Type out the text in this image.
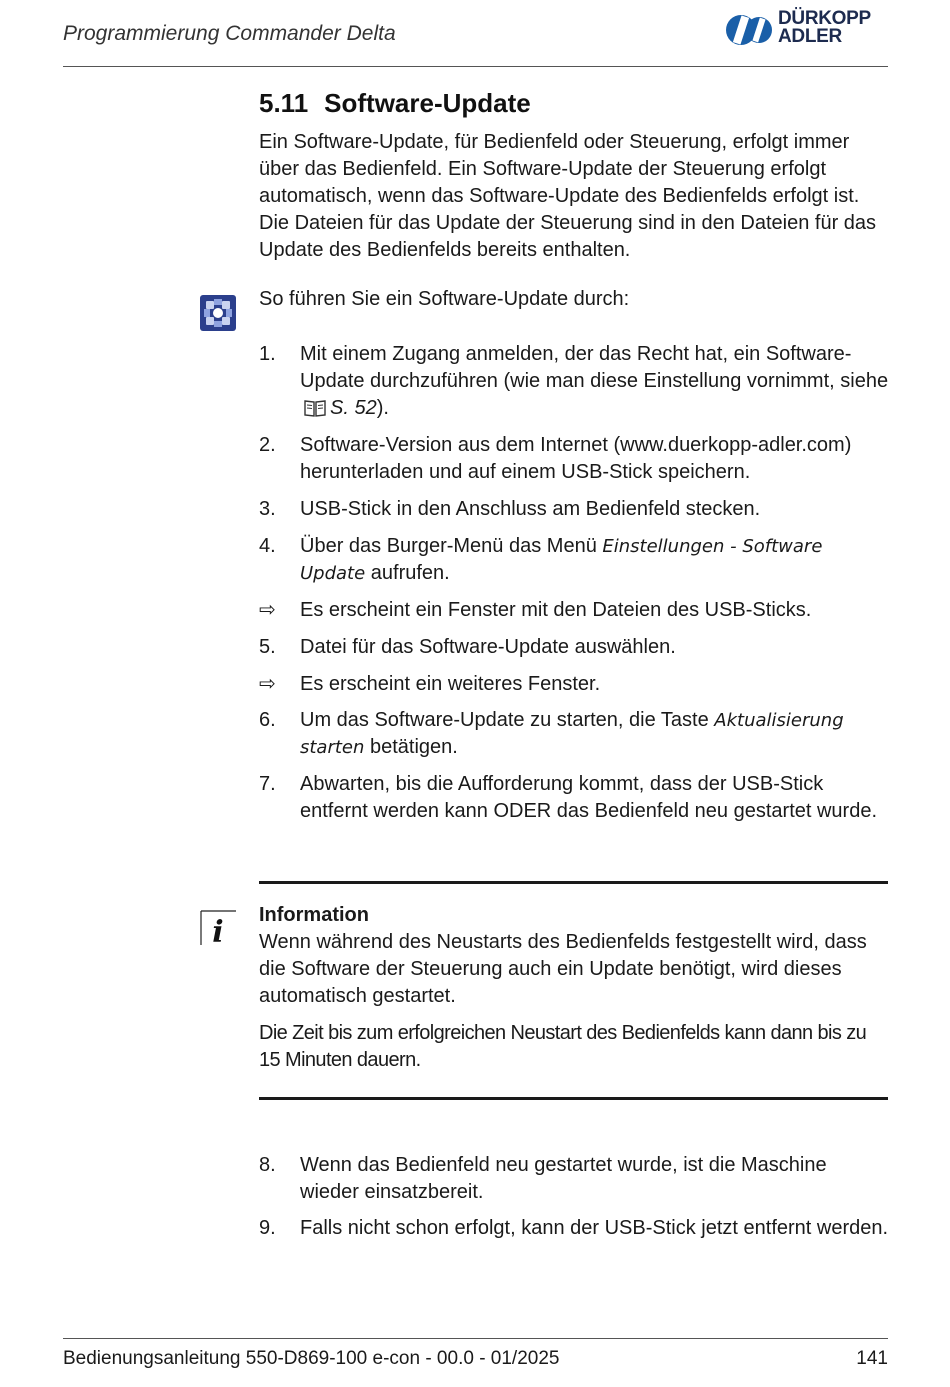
Programmierung Commander Delta
DÜRKOPP
ADLER
5.11 Software-Update

Ein Software-Update, für Bedienfeld oder Steuerung, erfolgt immer über das Bedienfeld. Ein Software-Update der Steuerung erfolgt automatisch, wenn das Software-Update des Bedienfelds erfolgt ist. Die Dateien für das Update der Steuerung sind in den Dateien für das Update des Bedienfelds bereits enthalten.

So führen Sie ein Software-Update durch:

1.	Mit einem Zugang anmelden, der das Recht hat, ein Software-Update durchzuführen (wie man diese Einstellung vornimmt, siehe S. 52).
2.	Software-Version aus dem Internet (www.duerkopp-adler.com) herunterladen und auf einem USB-Stick speichern.
3.	USB-Stick in den Anschluss am Bedienfeld stecken.
4.	Über das Burger-Menü das Menü Einstellungen - Software Update aufrufen.
⇨	Es erscheint ein Fenster mit den Dateien des USB-Sticks.
5.	Datei für das Software-Update auswählen.
⇨	Es erscheint ein weiteres Fenster.
6.	Um das Software-Update zu starten, die Taste Aktualisierung starten betätigen.
7.	Abwarten, bis die Aufforderung kommt, dass der USB-Stick entfernt werden kann ODER das Bedienfeld neu gestartet wurde.
i Information

Wenn während des Neustarts des Bedienfelds festgestellt wird, dass die Software der Steuerung auch ein Update benötigt, wird dieses automatisch gestartet.

Die Zeit bis zum erfolgreichen Neustart des Bedienfelds kann dann bis zu 15 Minuten dauern.

8.	Wenn das Bedienfeld neu gestartet wurde, ist die Maschine wieder einsatzbereit.
9.	Falls nicht schon erfolgt, kann der USB-Stick jetzt entfernt werden.
Bedienungsanleitung 550-D869-100 e-con - 00.0 - 01/2025	141
